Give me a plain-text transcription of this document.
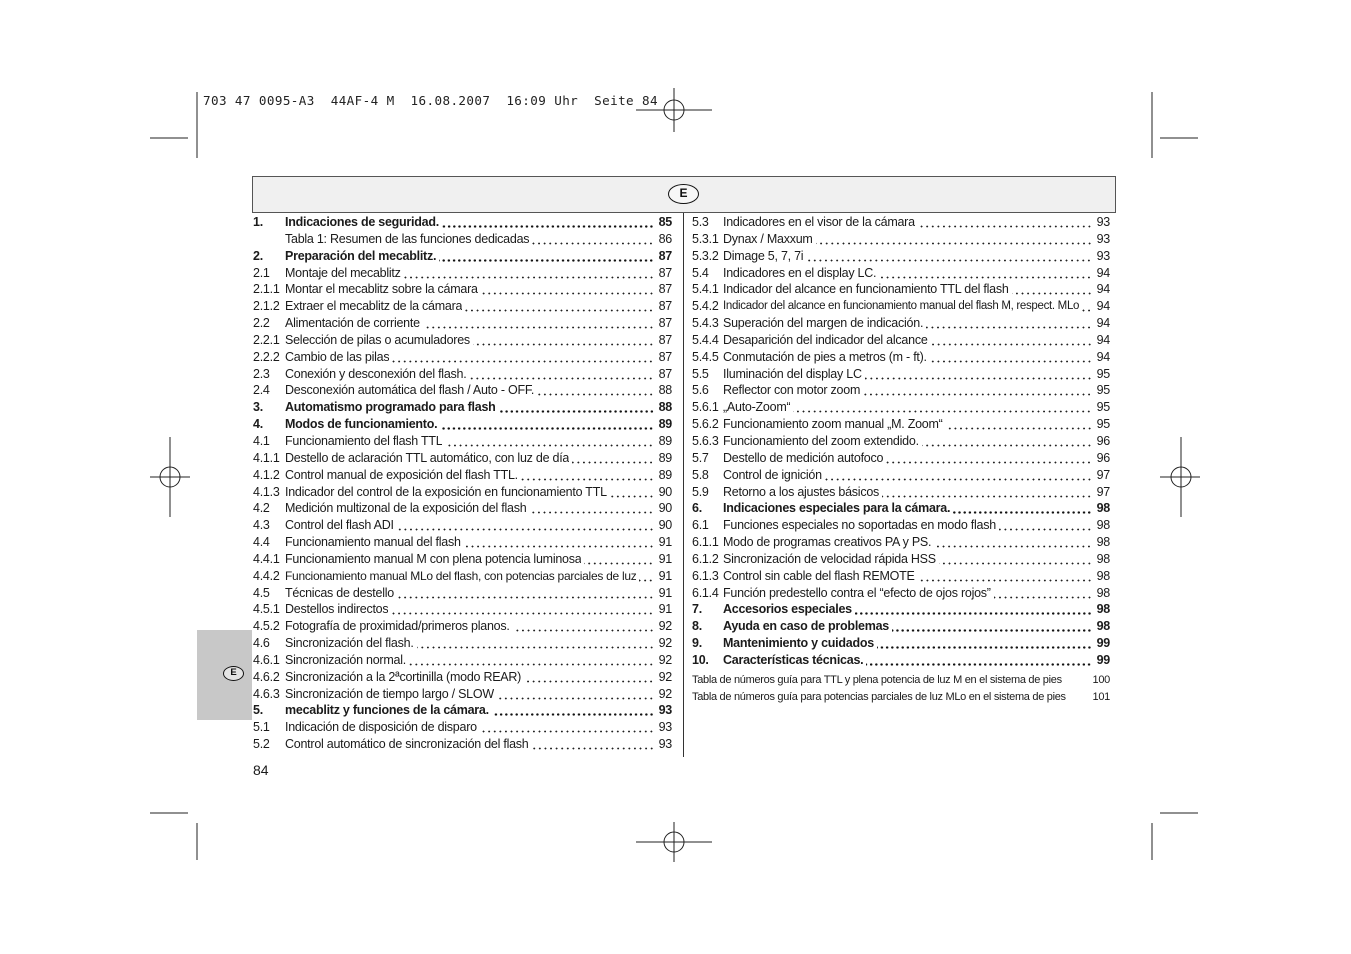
703 47 0095-A3  44AF-4 M  16.08.2007  16:09 Uhr  Seite 84
E
1.	Indicaciones de seguridad.	85
Tabla 1: Resumen de las funciones dedicadas	86
2.	Preparación del mecablitz.	87
2.1	Montaje del mecablitz	87
2.1.1 Montar el mecablitz sobre la cámara	87
2.1.2 Extraer el mecablitz de la cámara	87
2.2	Alimentación de corriente	87
2.2.1 Selección de pilas o acumuladores	87
2.2.2 Cambio de las pilas	87
2.3	Conexión y desconexión del flash.	87
2.4	Desconexión automática del flash / Auto - OFF.	88
3.	Automatismo programado para flash	88
4.	Modos de funcionamiento.	89
4.1	Funcionamiento del flash TTL	89
4.1.1 Destello de aclaración TTL automático, con luz de día	89
4.1.2 Control manual de exposición del flash TTL.	89
4.1.3 Indicador del control de la exposición en funcionamiento TTL	90
4.2	Medición multizonal de la exposición del flash	90
4.3	Control del flash ADI	90
4.4	Funcionamiento manual del flash	91
4.4.1 Funcionamiento manual M con plena potencia luminosa	91
4.4.2 Funcionamiento manual MLo del flash, con potencias parciales de luz 91
4.5	Técnicas de destello	91
4.5.1 Destellos indirectos	91
4.5.2 Fotografía de proximidad/primeros planos.	92
4.6	Sincronización del flash.	92
4.6.1 Sincronización normal.	92
4.6.2 Sincronización a la 2ªcortinilla (modo REAR)	92
4.6.3 Sincronización de tiempo largo / SLOW	92
5.	mecablitz y funciones de la cámara.	93
5.1	Indicación de disposición de disparo	93
5.2	Control automático de sincronización del flash	93
5.3	Indicadores en el visor de la cámara	93
5.3.1 Dynax / Maxxum	93
5.3.2 Dimage 5, 7, 7i	93
5.4	Indicadores en el display LC.	94
5.4.1 Indicador del alcance en funcionamiento TTL del flash	94
5.4.2 Indicador del alcance en funcionamiento manual del flash M, respect. MLo 94
5.4.3 Superación del margen de indicación.	94
5.4.4 Desaparición del indicador del alcance	94
5.4.5 Conmutación de pies a metros (m - ft).	94
5.5	Iluminación del display LC	95
5.6	Reflector con motor zoom	95
5.6.1 „Auto-Zoom“	95
5.6.2 Funcionamiento zoom manual „M. Zoom“	95
5.6.3 Funcionamiento del zoom extendido.	96
5.7	Destello de medición autofoco	96
5.8	Control de ignición	97
5.9	Retorno a los ajustes básicos	97
6.	Indicaciones especiales para la cámara.	98
6.1	Funciones especiales no soportadas en modo flash	98
6.1.1 Modo de programas creativos PA y PS.	98
6.1.2 Sincronización de velocidad rápida HSS	98
6.1.3 Control sin cable del flash REMOTE	98
6.1.4 Función predestello contra el “efecto de ojos rojos”	98
7.	Accesorios especiales	98
8.	Ayuda en caso de problemas	98
9.	Mantenimiento y cuidados	99
10.	Características técnicas.	99
Tabla de números guía para TTL y plena potencia de luz M en el sistema de pies	100
Tabla de números guía para potencias parciales de luz MLo en el sistema de pies 101
E
84
